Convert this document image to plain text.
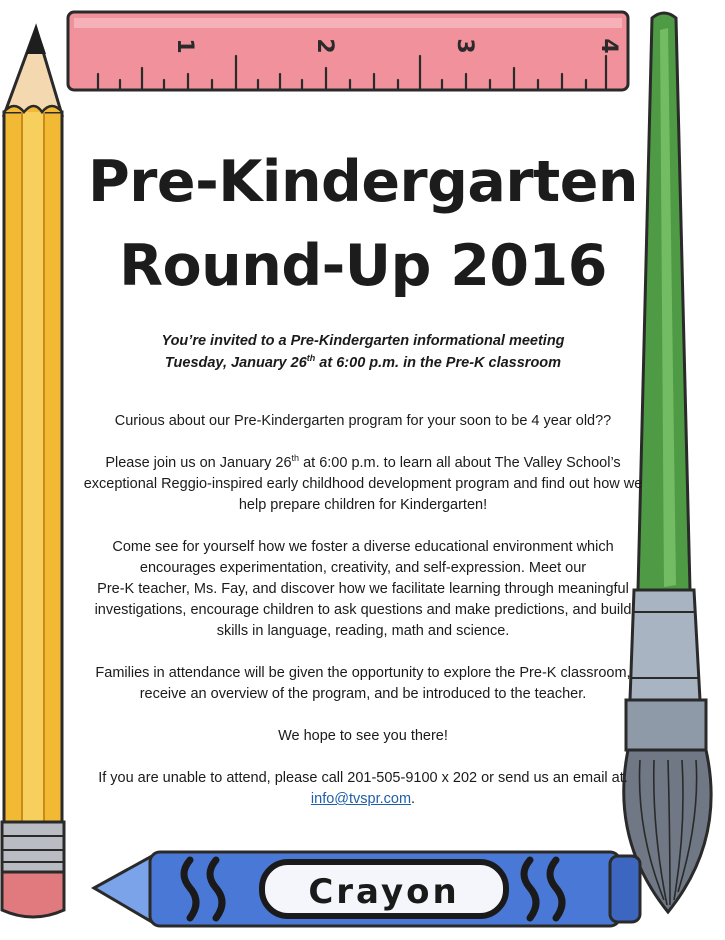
1	2	3	4
Crayon
Pre-Kindergarten
Round-Up 2016
You’re invited to a Pre-Kindergarten informational meeting
Tuesday, January 26th at 6:00 p.m. in the Pre-K classroom

Curious about our Pre-Kindergarten program for your soon to be 4 year old??

Please join us on January 26th at 6:00 p.m. to learn all about The Valley School’s exceptional Reggio-inspired early childhood development program and find out how we help prepare children for Kindergarten!

Come see for yourself how we foster a diverse educational environment which encourages experimentation, creativity, and self-expression. Meet our
Pre-K teacher, Ms. Fay, and discover how we facilitate learning through meaningful investigations, encourage children to ask questions and make predictions, and build skills in language, reading, math and science.

Families in attendance will be given the opportunity to explore the Pre-K classroom, receive an overview of the program, and be introduced to the teacher.

We hope to see you there!

If you are unable to attend, please call 201-505-9100 x 202 or send us an email at.
info@tvspr.com.
